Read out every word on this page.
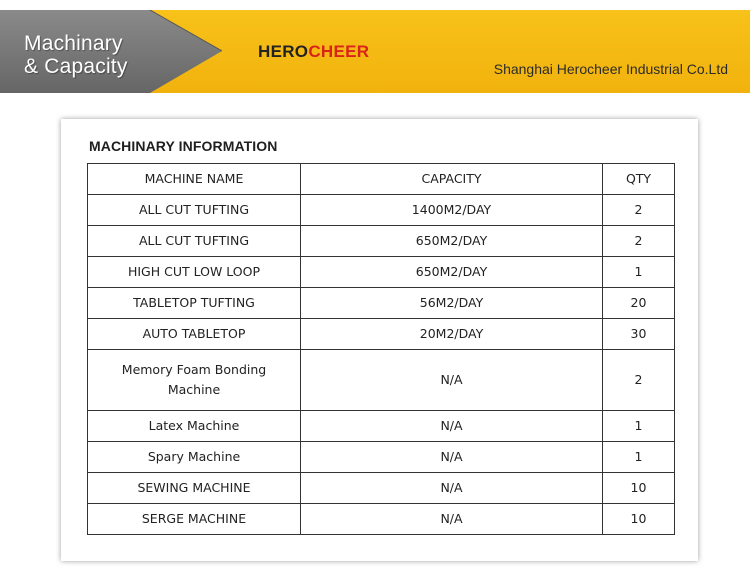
Machinary
& Capacity
HEROCHEER
Shanghai Herocheer Industrial Co.Ltd
MACHINARY INFORMATION
MACHINE NAME	CAPACITY	QTY
ALL CUT TUFTING	1400M2/DAY	2
ALL CUT TUFTING	650M2/DAY	2
HIGH CUT LOW LOOP	650M2/DAY	1
TABLETOP TUFTING	56M2/DAY	20
AUTO TABLETOP	20M2/DAY	30
Memory Foam Bonding Machine	N/A	2
Latex Machine	N/A	1
Spary Machine	N/A	1
SEWING MACHINE	N/A	10
SERGE MACHINE	N/A	10
